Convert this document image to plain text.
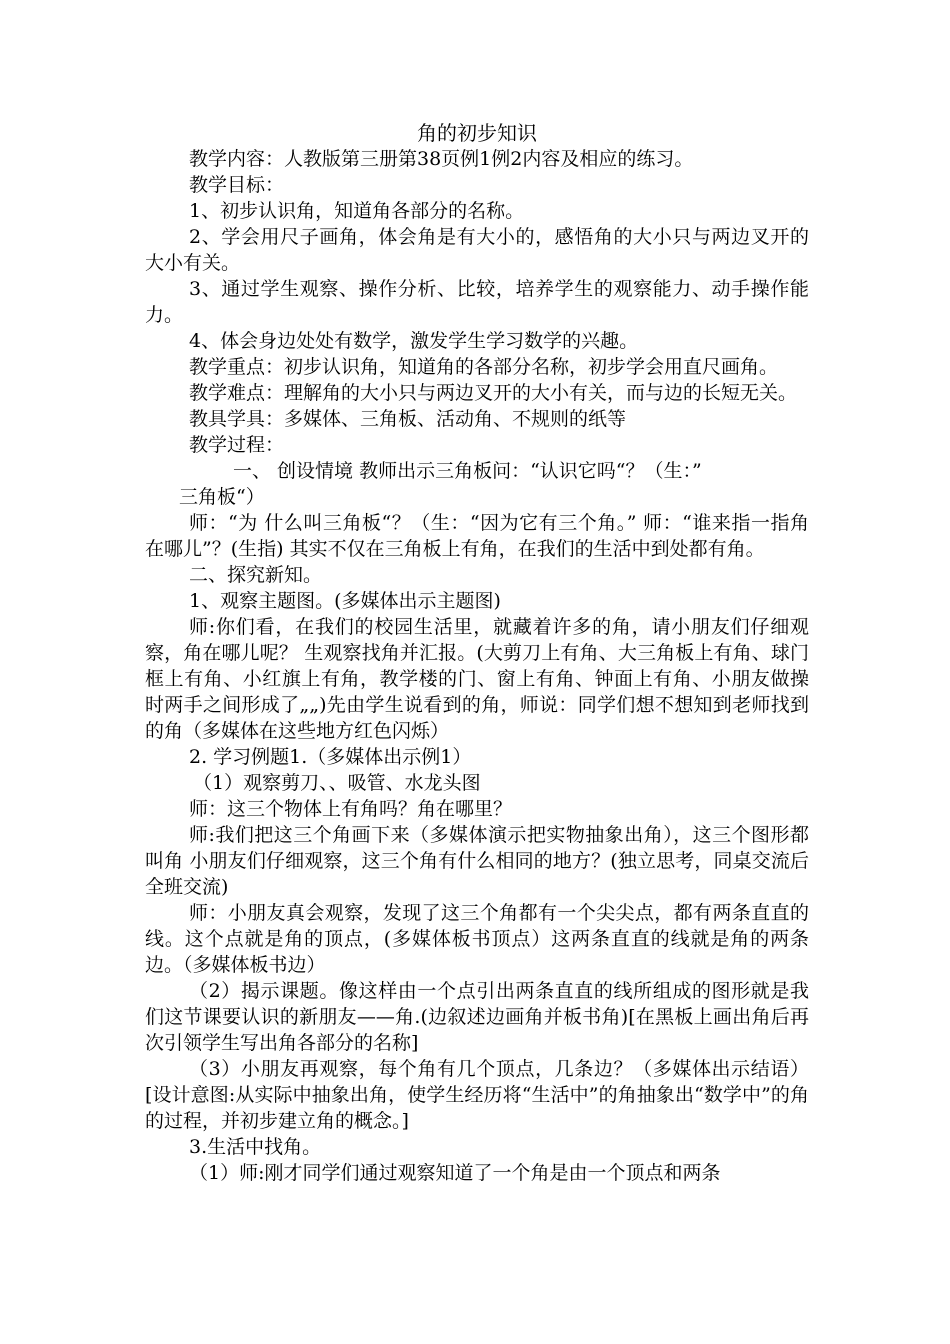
角的初步知识

教学内容：人教版第三册第38页例1例2内容及相应的练习。

教学目标：

1、初步认识角，知道角各部分的名称。

2、学会用尺子画角，体会角是有大小的，感悟角的大小只与两边叉开的大小有关。

3、通过学生观察、操作分析、比较，培养学生的观察能力、动手操作能力。

4、体会身边处处有数学，激发学生学习数学的兴趣。

教学重点：初步认识角，知道角的各部分名称，初步学会用直尺画角。

教学难点：理解角的大小只与两边叉开的大小有关，而与边的长短无关。

教具学具：多媒体、三角板、活动角、不规则的纸等

教学过程：

一、 创设情境 教师出示三角板问：“认识它吗“？（生：”
三角板“）

师：“为 什么叫三角板“？（生：“因为它有三个角。” 师：“谁来指一指角在哪儿”？(生指) 其实不仅在三角板上有角，在我们的生活中到处都有角。

二、探究新知。

1、观察主题图。(多媒体出示主题图)

师:你们看，在我们的校园生活里，就藏着许多的角，请小朋友们仔细观察，角在哪儿呢？ 生观察找角并汇报。(大剪刀上有角、大三角板上有角、球门框上有角、小红旗上有角，教学楼的门、窗上有角、钟面上有角、小朋友做操时两手之间形成了„„)先由学生说看到的角，师说：同学们想不想知到老师找到的角（多媒体在这些地方红色闪烁）

2. 学习例题1.（多媒体出示例1）

（1）观察剪刀、、吸管、水龙头图

师：这三个物体上有角吗？角在哪里？

师:我们把这三个角画下来（多媒体演示把实物抽象出角），这三个图形都叫角 小朋友们仔细观察，这三个角有什么相同的地方？(独立思考，同桌交流后全班交流)

师：小朋友真会观察，发现了这三个角都有一个尖尖点，都有两条直直的线。这个点就是角的顶点，(多媒体板书顶点）这两条直直的线就是角的两条边。（多媒体板书边）

（2）揭示课题。像这样由一个点引出两条直直的线所组成的图形就是我们这节课要认识的新朋友——角.(边叙述边画角并板书角)[在黑板上画出角后再次引领学生写出角各部分的名称]

（3）小朋友再观察，每个角有几个顶点，几条边？（多媒体出示结语）[设计意图:从实际中抽象出角，使学生经历将“生活中”的角抽象出“数学中”的角的过程，并初步建立角的概念。]

3.生活中找角。

（1）师:刚才同学们通过观察知道了一个角是由一个顶点和两条
